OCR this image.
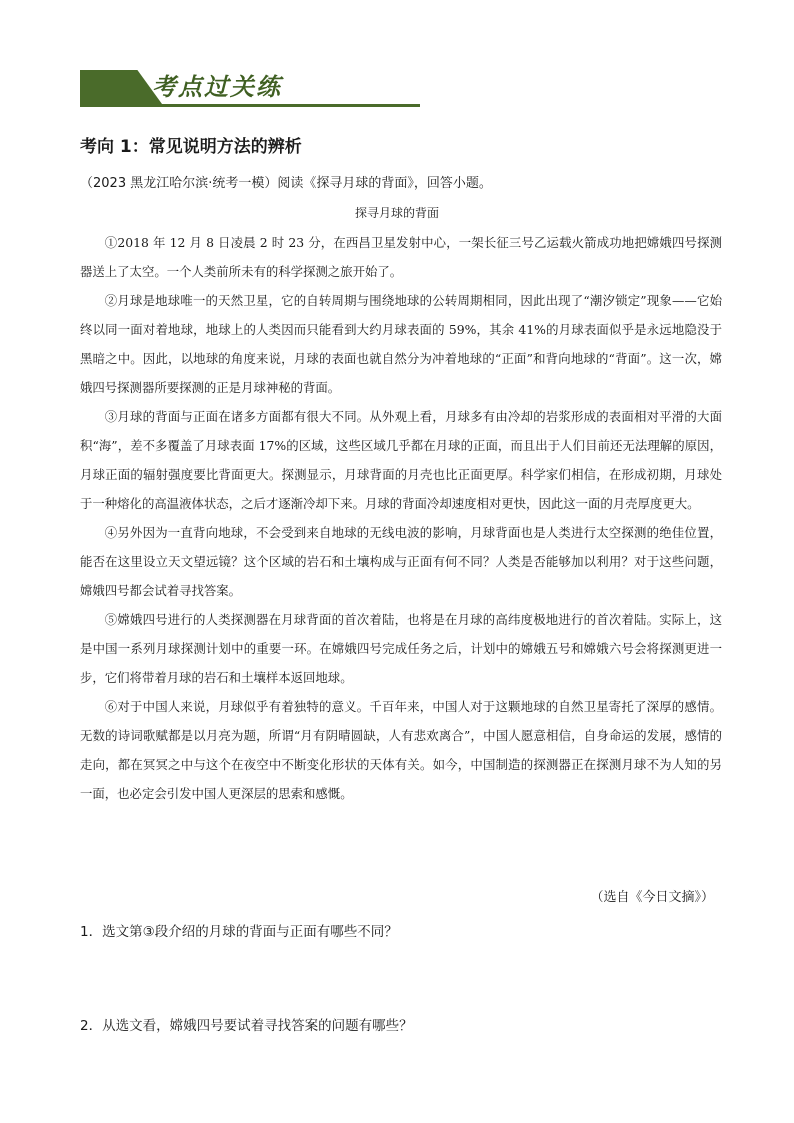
考点过关练
考向 1：常见说明方法的辨析
（2023 黑龙江哈尔滨·统考一模）阅读《探寻月球的背面》，回答小题。
探寻月球的背面

①2018 年 12 月 8 日凌晨 2 时 23 分，在西昌卫星发射中心，一架长征三号乙运载火箭成功地把嫦娥四号探测器送上了太空。一个人类前所未有的科学探测之旅开始了。

②月球是地球唯一的天然卫星，它的自转周期与围绕地球的公转周期相同，因此出现了“潮汐锁定”现象——它始终以同一面对着地球，地球上的人类因而只能看到大约月球表面的 59%，其余 41%的月球表面似乎是永远地隐没于黑暗之中。因此，以地球的角度来说，月球的表面也就自然分为冲着地球的“正面”和背向地球的“背面”。这一次，嫦娥四号探测器所要探测的正是月球神秘的背面。

③月球的背面与正面在诸多方面都有很大不同。从外观上看，月球多有由冷却的岩浆形成的表面相对平滑的大面积“海”，差不多覆盖了月球表面 17%的区域，这些区域几乎都在月球的正面，而且出于人们目前还无法理解的原因，月球正面的辐射强度要比背面更大。探测显示，月球背面的月壳也比正面更厚。科学家们相信，在形成初期，月球处于一种熔化的高温液体状态，之后才逐渐冷却下来。月球的背面冷却速度相对更快，因此这一面的月壳厚度更大。

④另外因为一直背向地球，不会受到来自地球的无线电波的影响，月球背面也是人类进行太空探测的绝佳位置，能否在这里设立天文望远镜？这个区域的岩石和土壤构成与正面有何不同？人类是否能够加以利用？对于这些问题，嫦娥四号都会试着寻找答案。

⑤嫦娥四号进行的人类探测器在月球背面的首次着陆，也将是在月球的高纬度极地进行的首次着陆。实际上，这是中国一系列月球探测计划中的重要一环。在嫦娥四号完成任务之后，计划中的嫦娥五号和嫦娥六号会将探测更进一步，它们将带着月球的岩石和土壤样本返回地球。

⑥对于中国人来说，月球似乎有着独特的意义。千百年来，中国人对于这颗地球的自然卫星寄托了深厚的感情。无数的诗词歌赋都是以月亮为题，所谓“月有阴晴圆缺，人有悲欢离合”，中国人愿意相信，自身命运的发展，感情的走向，都在冥冥之中与这个在夜空中不断变化形状的天体有关。如今，中国制造的探测器正在探测月球不为人知的另一面，也必定会引发中国人更深层的思索和感慨。

（选自《今日文摘》）
1．选文第③段介绍的月球的背面与正面有哪些不同？
2．从选文看，嫦娥四号要试着寻找答案的问题有哪些？
